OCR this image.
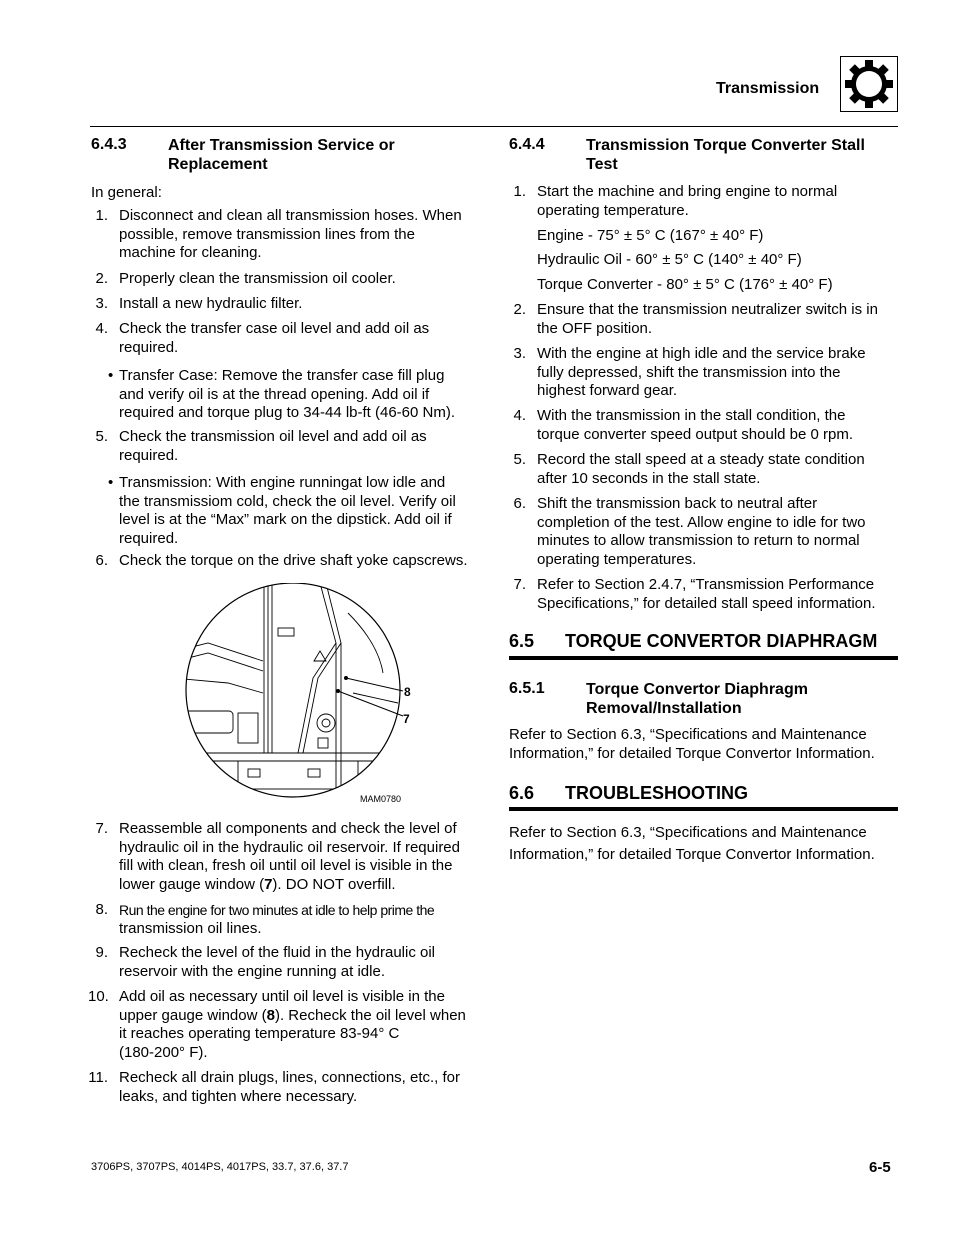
Transmission
6.4.3	After Transmission Service or
Replacement
In general:
1. Disconnect and clean all transmission hoses. When
possible, remove transmission lines from the
machine for cleaning.
2. Properly clean the transmission oil cooler.
3. Install a new hydraulic filter.
4. Check the transfer case oil level and add oil as
required.
• Transfer Case: Remove the transfer case fill plug
and verify oil is at the thread opening. Add oil if
required and torque plug to 34-44 lb-ft (46-60 Nm).
5. Check the transmission oil level and add oil as
required.
• Transmission: With engine runningat low idle and
the transmissiom cold, check the oil level. Verify oil
level is at the “Max” mark on the dipstick. Add oil if
required.
6. Check the torque on the drive shaft yoke capscrews.
8
7
MAM0780
7. Reassemble all components and check the level of
hydraulic oil in the hydraulic oil reservoir. If required
fill with clean, fresh oil until oil level is visible in the
lower gauge window (7). DO NOT overfill.
8. Run the engine for two minutes at idle to help prime the
transmission oil lines.
9. Recheck the level of the fluid in the hydraulic oil
reservoir with the engine running at idle.
10. Add oil as necessary until oil level is visible in the
upper gauge window (8). Recheck the oil level when
it reaches operating temperature 83-94° C
(180-200° F).
11. Recheck all drain plugs, lines, connections, etc., for
leaks, and tighten where necessary.
6.4.4	Transmission Torque Converter Stall
Test
1. Start the machine and bring engine to normal
operating temperature.
Engine - 75° ± 5° C (167° ± 40° F)
Hydraulic Oil - 60° ± 5° C (140° ± 40° F)
Torque Converter - 80° ± 5° C (176° ± 40° F)
2. Ensure that the transmission neutralizer switch is in
the OFF position.
3. With the engine at high idle and the service brake
fully depressed, shift the transmission into the
highest forward gear.
4. With the transmission in the stall condition, the
torque converter speed output should be 0 rpm.
5. Record the stall speed at a steady state condition
after 10 seconds in the stall state.
6. Shift the transmission back to neutral after
completion of the test. Allow engine to idle for two
minutes to allow transmission to return to normal
operating temperatures.
7. Refer to Section 2.4.7, “Transmission Performance
Specifications,” for detailed stall speed information.
6.5 TORQUE CONVERTOR DIAPHRAGM
6.5.1	Torque Convertor Diaphragm
Removal/Installation
Refer to Section 6.3, “Specifications and Maintenance
Information,” for detailed Torque Convertor Information.
6.6 TROUBLESHOOTING
Refer to Section 6.3, “Specifications and Maintenance
Information,” for detailed Torque Convertor Information.
3706PS, 3707PS, 4014PS, 4017PS, 33.7, 37.6, 37.7	6-5
